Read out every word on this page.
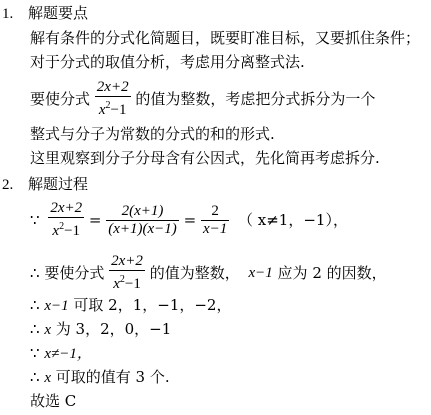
1. 解题要点
解有条件的分式化简题目，既要盯准目标，又要抓住条件；
对于分式的取值分析，考虑用分离整式法.
要使分式 $\frac{2x+2}{x^2-1}$ 的值为整数，考虑把分式拆分为一个
整式与分子为常数的分式的和的形式.
这里观察到分子分母含有公因式，先化简再考虑拆分.
2. 解题过程
∵ $\frac{2x+2}{x^2-1} = \frac{2(x+1)}{(x+1)(x-1)} = \frac{2}{x-1}$ （ x≠1，−1），
∴ 要使分式 $\frac{2x+2}{x^2-1}$ 的值为整数， x−1 应为 2 的因数，
∴ x−1 可取 2，1，−1，−2，
∴ x 为 3，2，0，−1
∵ x≠−1，
∴ x 可取的值有 3 个.
故选 C
